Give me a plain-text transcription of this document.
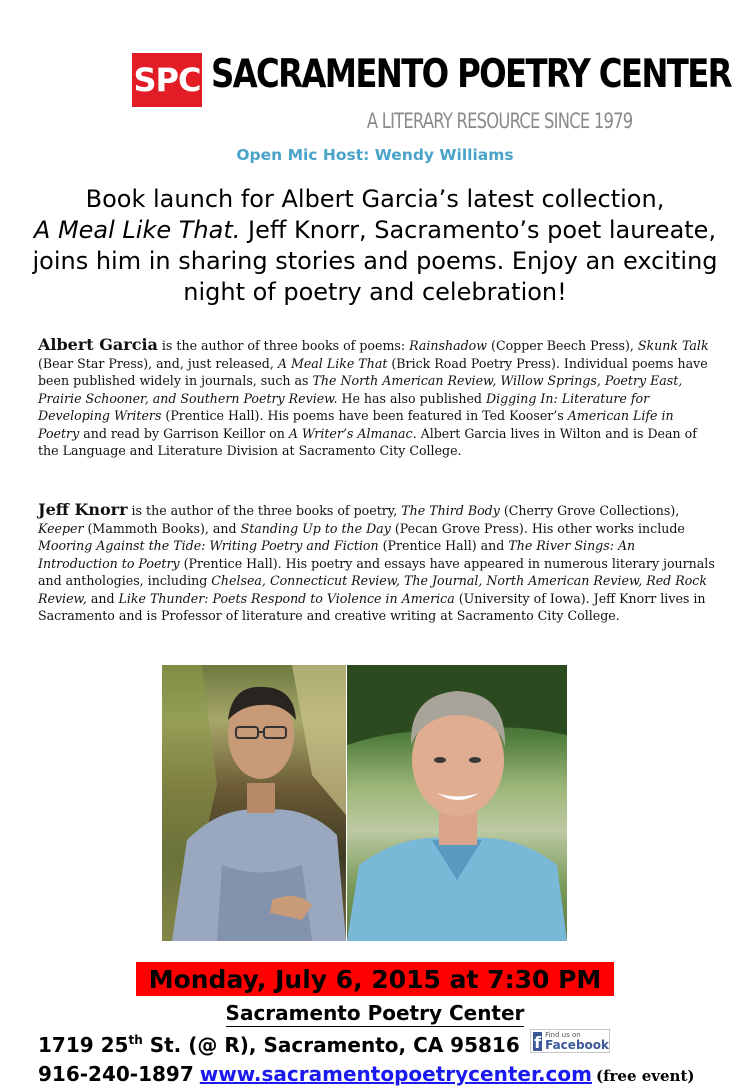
SPC SACRAMENTO POETRY CENTER
A LITERARY RESOURCE SINCE 1979
Open Mic Host: Wendy Williams
Book launch for Albert Garcia’s latest collection,
A Meal Like That. Jeff Knorr, Sacramento’s poet laureate, joins him in sharing stories and poems. Enjoy an exciting night of poetry and celebration!
Albert Garcia is the author of three books of poems: Rainshadow (Copper Beech Press), Skunk Talk (Bear Star Press), and, just released, A Meal Like That (Brick Road Poetry Press). Individual poems have been published widely in journals, such as The North American Review, Willow Springs, Poetry East, Prairie Schooner, and Southern Poetry Review. He has also published Digging In: Literature for Developing Writers (Prentice Hall). His poems have been featured in Ted Kooser’s American Life in Poetry and read by Garrison Keillor on A Writer’s Almanac. Albert Garcia lives in Wilton and is Dean of the Language and Literature Division at Sacramento City College.
Jeff Knorr is the author of the three books of poetry, The Third Body (Cherry Grove Collections), Keeper (Mammoth Books), and Standing Up to the Day (Pecan Grove Press). His other works include Mooring Against the Tide: Writing Poetry and Fiction (Prentice Hall) and The River Sings: An Introduction to Poetry (Prentice Hall). His poetry and essays have appeared in numerous literary journals and anthologies, including Chelsea, Connecticut Review, The Journal, North American Review, Red Rock Review, and Like Thunder: Poets Respond to Violence in America (University of Iowa). Jeff Knorr lives in Sacramento and is Professor of literature and creative writing at Sacramento City College.
Monday, July 6, 2015 at 7:30 PM
Sacramento Poetry Center
1719 25th St. (@ R), Sacramento, CA 95816 f Find us on
Facebook
916-240-1897 www.sacramentopoetrycenter.com (free event)
